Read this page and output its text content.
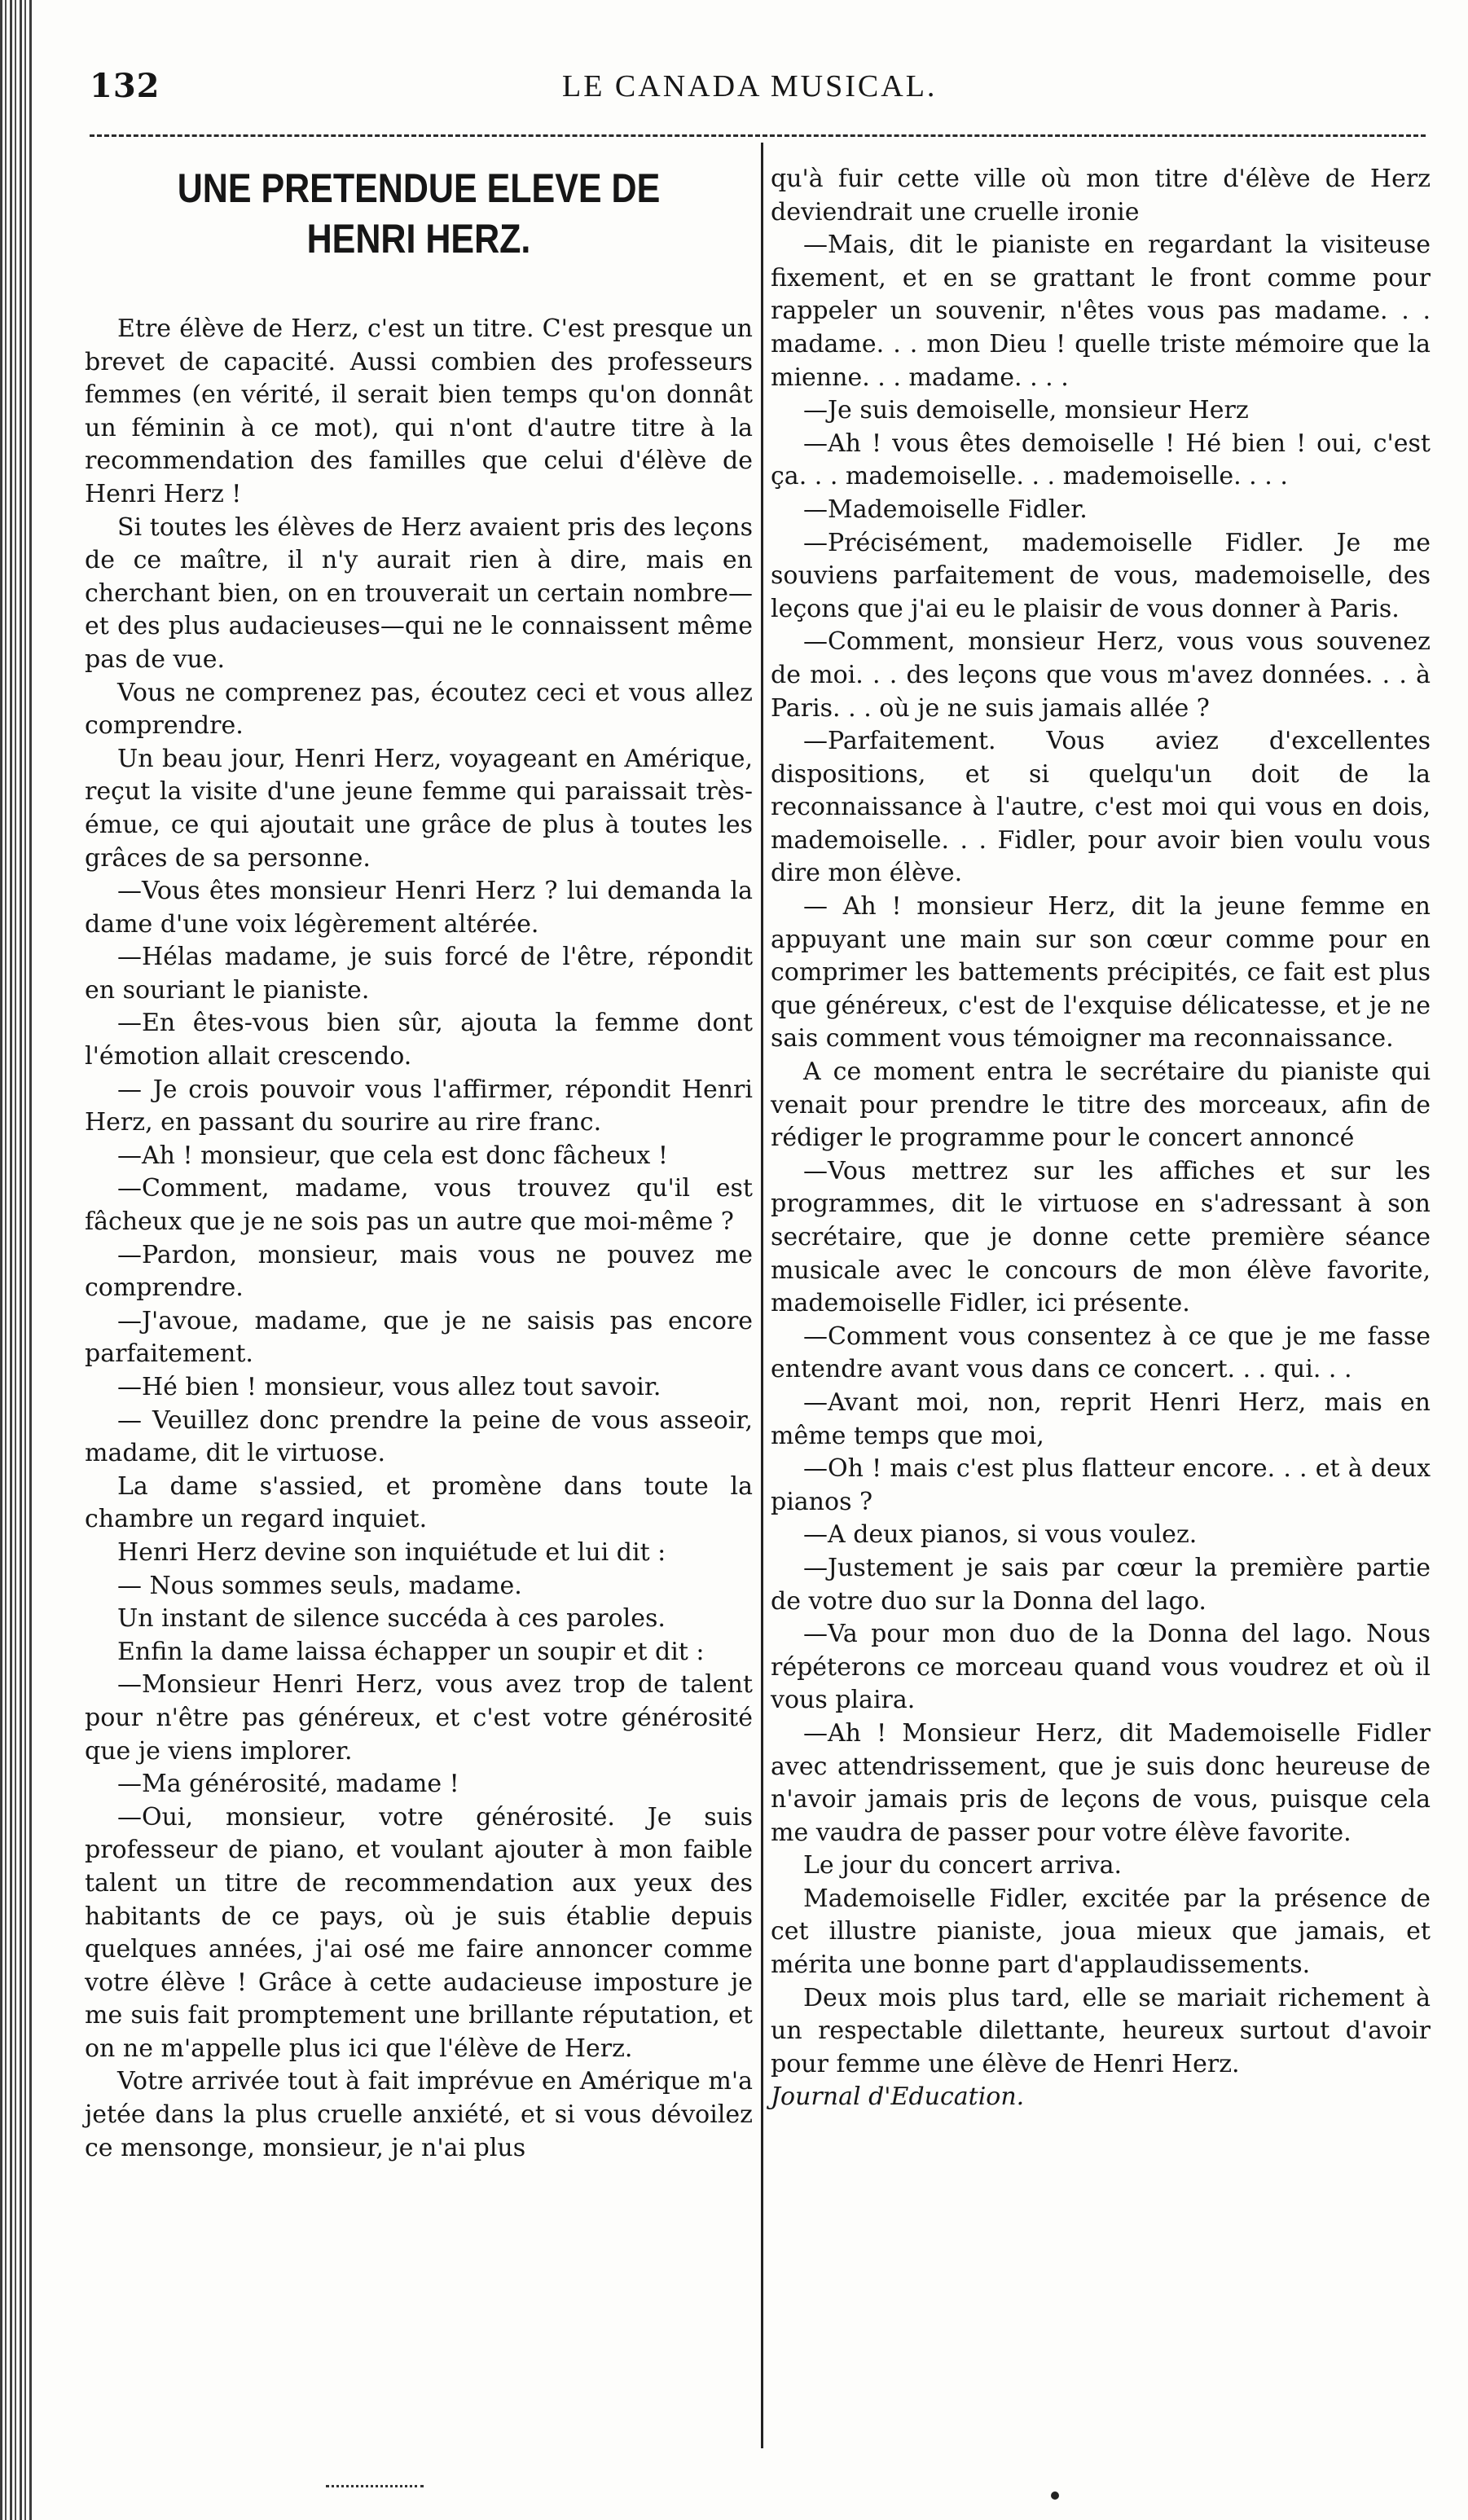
132	LE CANADA MUSICAL.
UNE PRETENDUE ELEVE DE HENRI HERZ.

Etre élève de Herz, c'est un titre. C'est presque un brevet de capacité. Aussi combien des professeurs femmes (en vérité, il serait bien temps qu'on donnât un féminin à ce mot), qui n'ont d'autre titre à la recommendation des familles que celui d'élève de Henri Herz !

Si toutes les élèves de Herz avaient pris des leçons de ce maître, il n'y aurait rien à dire, mais en cherchant bien, on en trouverait un certain nombre—et des plus audacieuses—qui ne le connaissent même pas de vue.

Vous ne comprenez pas, écoutez ceci et vous allez comprendre.

Un beau jour, Henri Herz, voyageant en Amérique, reçut la visite d'une jeune femme qui paraissait très-émue, ce qui ajoutait une grâce de plus à toutes les grâces de sa personne.

—Vous êtes monsieur Henri Herz ? lui demanda la dame d'une voix légèrement altérée.

—Hélas madame, je suis forcé de l'être, répondit en souriant le pianiste.

—En êtes-vous bien sûr, ajouta la femme dont l'émotion allait crescendo.

— Je crois pouvoir vous l'affirmer, répondit Henri Herz, en passant du sourire au rire franc.

—Ah ! monsieur, que cela est donc fâcheux !

—Comment, madame, vous trouvez qu'il est fâcheux que je ne sois pas un autre que moi-même ?

—Pardon, monsieur, mais vous ne pouvez me comprendre.

—J'avoue, madame, que je ne saisis pas encore parfaitement.

—Hé bien ! monsieur, vous allez tout savoir.

— Veuillez donc prendre la peine de vous asseoir, madame, dit le virtuose.

La dame s'assied, et promène dans toute la chambre un regard inquiet.

Henri Herz devine son inquiétude et lui dit :

— Nous sommes seuls, madame.

Un instant de silence succéda à ces paroles.

Enfin la dame laissa échapper un soupir et dit :

—Monsieur Henri Herz, vous avez trop de talent pour n'être pas généreux, et c'est votre générosité que je viens implorer.

—Ma générosité, madame !

—Oui, monsieur, votre générosité. Je suis professeur de piano, et voulant ajouter à mon faible talent un titre de recommendation aux yeux des habitants de ce pays, où je suis établie depuis quelques années, j'ai osé me faire annoncer comme votre élève ! Grâce à cette audacieuse imposture je me suis fait promptement une brillante réputation, et on ne m'appelle plus ici que l'élève de Herz.

Votre arrivée tout à fait imprévue en Amérique m'a jetée dans la plus cruelle anxiété, et si vous dévoilez ce mensonge, monsieur, je n'ai plus

qu'à fuir cette ville où mon titre d'élève de Herz deviendrait une cruelle ironie

—Mais, dit le pianiste en regardant la visiteuse fixement, et en se grattant le front comme pour rappeler un souvenir, n'êtes vous pas madame. . . madame. . . mon Dieu ! quelle triste mémoire que la mienne. . . madame. . . .

—Je suis demoiselle, monsieur Herz

—Ah ! vous êtes demoiselle ! Hé bien ! oui, c'est ça. . . mademoiselle. . . mademoiselle. . . .

—Mademoiselle Fidler.

—Précisément, mademoiselle Fidler. Je me souviens parfaitement de vous, mademoiselle, des leçons que j'ai eu le plaisir de vous donner à Paris.

—Comment, monsieur Herz, vous vous souvenez de moi. . . des leçons que vous m'avez données. . . à Paris. . . où je ne suis jamais allée ?

—Parfaitement. Vous aviez d'excellentes dispositions, et si quelqu'un doit de la reconnaissance à l'autre, c'est moi qui vous en dois, mademoiselle. . . Fidler, pour avoir bien voulu vous dire mon élève.

— Ah ! monsieur Herz, dit la jeune femme en appuyant une main sur son cœur comme pour en comprimer les battements précipités, ce fait est plus que généreux, c'est de l'exquise délicatesse, et je ne sais comment vous témoigner ma reconnaissance.

A ce moment entra le secrétaire du pianiste qui venait pour prendre le titre des morceaux, afin de rédiger le programme pour le concert annoncé

—Vous mettrez sur les affiches et sur les programmes, dit le virtuose en s'adressant à son secrétaire, que je donne cette première séance musicale avec le concours de mon élève favorite, mademoiselle Fidler, ici présente.

—Comment vous consentez à ce que je me fasse entendre avant vous dans ce concert. . . qui. . .

—Avant moi, non, reprit Henri Herz, mais en même temps que moi,

—Oh ! mais c'est plus flatteur encore. . . et à deux pianos ?

—A deux pianos, si vous voulez.

—Justement je sais par cœur la première partie de votre duo sur la Donna del lago.

—Va pour mon duo de la Donna del lago. Nous répéterons ce morceau quand vous voudrez et où il vous plaira.

—Ah ! Monsieur Herz, dit Mademoiselle Fidler avec attendrissement, que je suis donc heureuse de n'avoir jamais pris de leçons de vous, puisque cela me vaudra de passer pour votre élève favorite.

Le jour du concert arriva.

Mademoiselle Fidler, excitée par la présence de cet illustre pianiste, joua mieux que jamais, et mérita une bonne part d'applaudissements.

Deux mois plus tard, elle se mariait richement à un respectable dilettante, heureux surtout d'avoir pour femme une élève de Henri Herz.

Journal d'Education.
